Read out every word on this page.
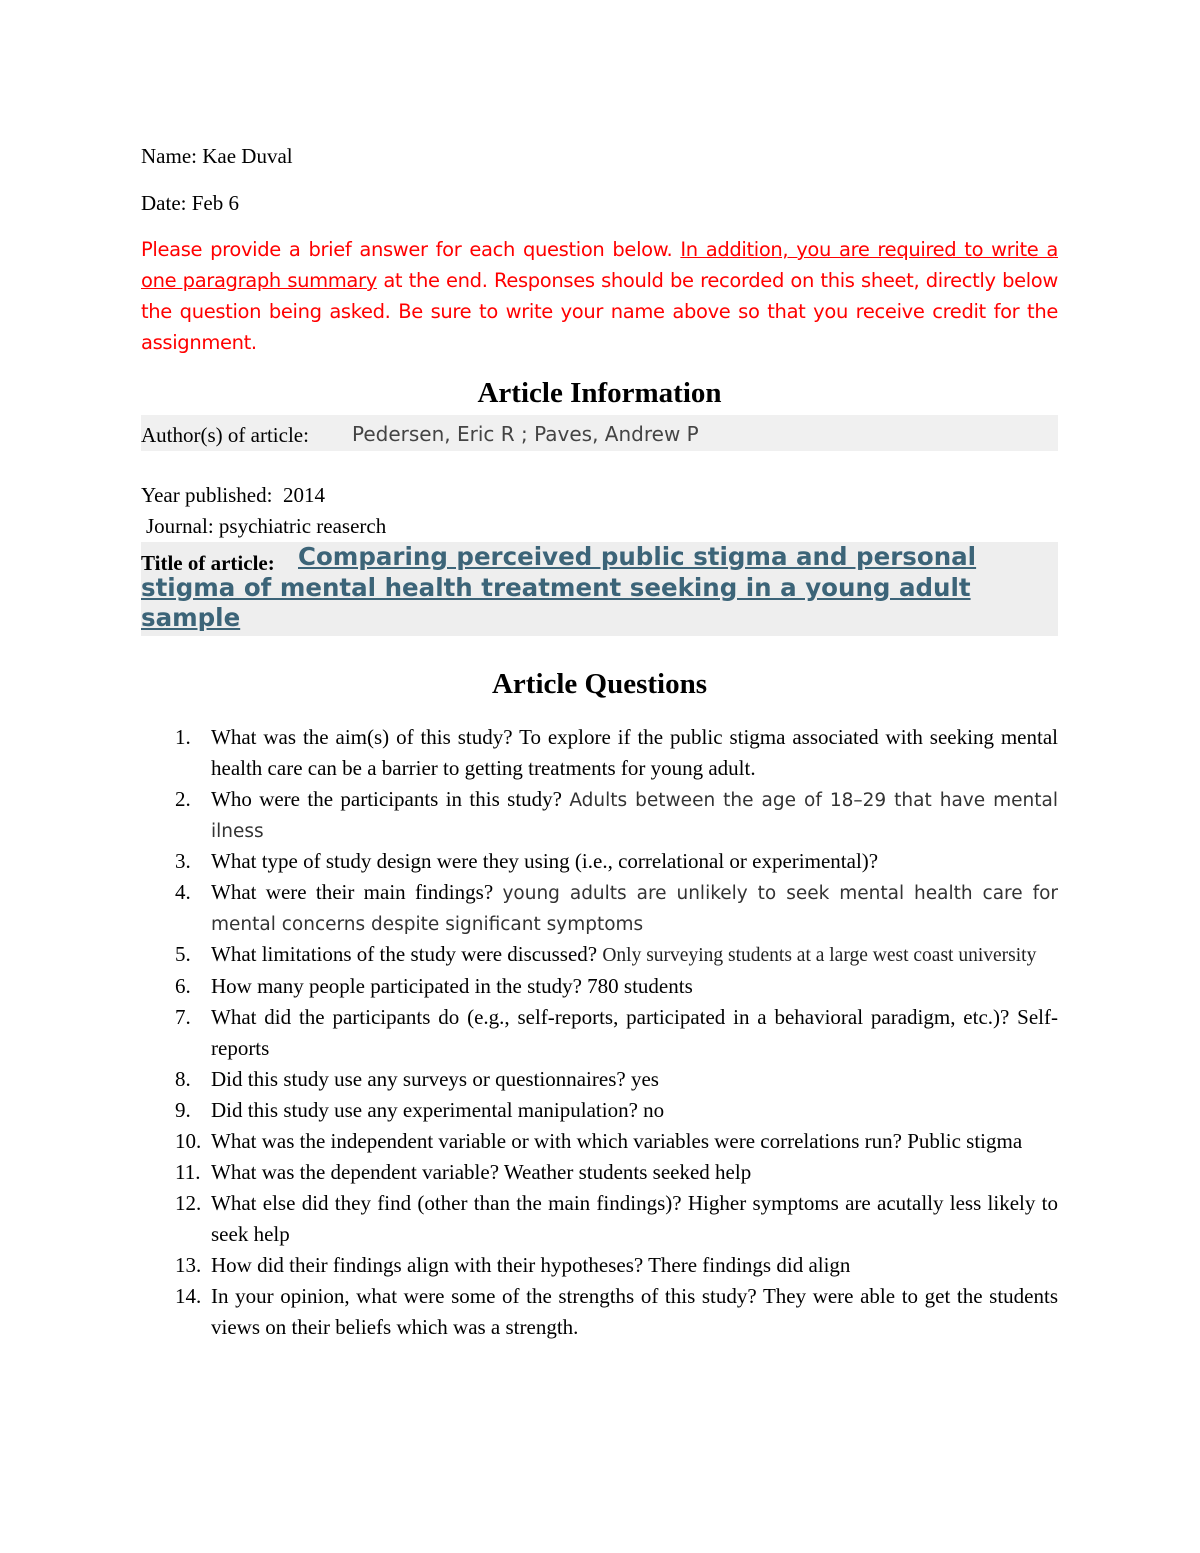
Name: Kae Duval

Date: Feb 6

Please provide a brief answer for each question below. In addition, you are required to write a one paragraph summary at the end. Responses should be recorded on this sheet, directly below the question being asked. Be sure to write your name above so that you receive credit for the assignment.

Article Information
Author(s) of article: Pedersen, Eric R ; Paves, Andrew P

Year published: 2014

Journal: psychiatric reaserch

Title of article: Comparing perceived public stigma and personal stigma of mental health treatment seeking in a young adult sample

Article Questions
1. What was the aim(s) of this study? To explore if the public stigma associated with seeking mental health care can be a barrier to getting treatments for young adult.
2. Who were the participants in this study? Adults between the age of 18–29 that have mental ilness
3. What type of study design were they using (i.e., correlational or experimental)?
4. What were their main findings? young adults are unlikely to seek mental health care for mental concerns despite significant symptoms
5. What limitations of the study were discussed? Only surveying students at a large west coast university
6. How many people participated in the study? 780 students
7. What did the participants do (e.g., self-reports, participated in a behavioral paradigm, etc.)? Self-reports
8. Did this study use any surveys or questionnaires? yes
9. Did this study use any experimental manipulation? no
10. What was the independent variable or with which variables were correlations run? Public stigma
11. What was the dependent variable? Weather students seeked help
12. What else did they find (other than the main findings)? Higher symptoms are acutally less likely to seek help
13. How did their findings align with their hypotheses? There findings did align
14. In your opinion, what were some of the strengths of this study? They were able to get the students views on their beliefs which was a strength.
